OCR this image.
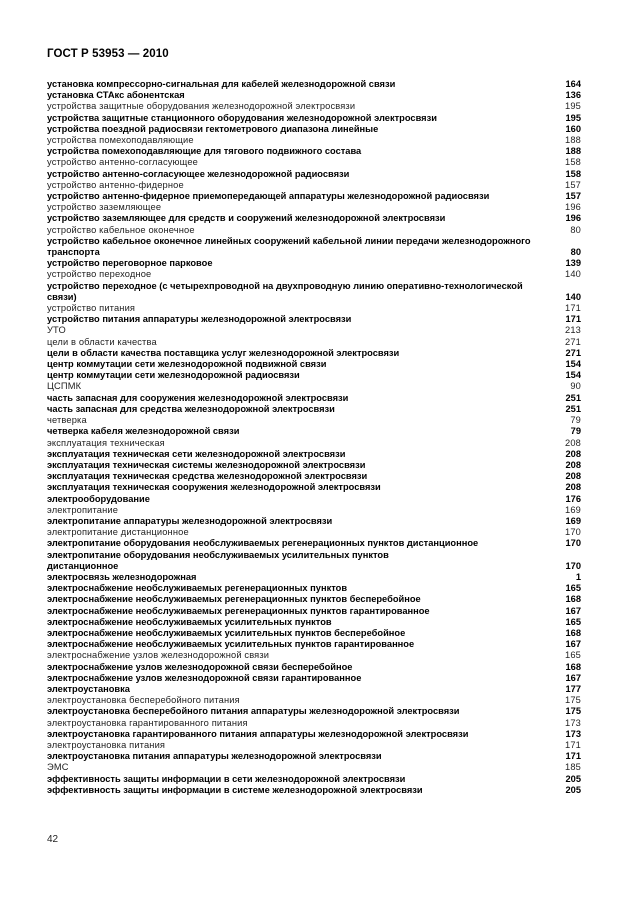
ГОСТ Р 53953 — 2010
установка компрессорно-сигнальная для кабелей железнодорожной связи	164
установка СТАкс абонентская	136
устройства защитные оборудования железнодорожной электросвязи	195
устройства защитные станционного оборудования железнодорожной электросвязи	195
устройства поездной радиосвязи гектометрового диапазона линейные	160
устройства помехоподавляющие	188
устройства помехоподавляющие для тягового подвижного состава	188
устройство антенно-согласующее	158
устройство антенно-согласующее железнодорожной радиосвязи	158
устройство антенно-фидерное	157
устройство антенно-фидерное приемопередающей аппаратуры железнодорожной радиосвязи	157
устройство заземляющее	196
устройство заземляющее для средств и сооружений железнодорожной электросвязи	196
устройство кабельное оконечное	80
устройство кабельное оконечное линейных сооружений кабельной линии передачи железнодорожного транспорта	80
устройство переговорное парковое	139
устройство переходное	140
устройство переходное (с четырехпроводной на двухпроводную линию оперативно-технологической связи)	140
устройство питания	171
устройство питания аппаратуры железнодорожной электросвязи	171
УТО	213
цели в области качества	271
цели в области качества поставщика услуг железнодорожной электросвязи	271
центр коммутации сети железнодорожной подвижной связи	154
центр коммутации сети железнодорожной радиосвязи	154
ЦСПМК	90
часть запасная для сооружения железнодорожной электросвязи	251
часть запасная для средства железнодорожной электросвязи	251
четверка	79
четверка кабеля железнодорожной связи	79
эксплуатация техническая	208
эксплуатация техническая сети железнодорожной электросвязи	208
эксплуатация техническая системы железнодорожной электросвязи	208
эксплуатация техническая средства железнодорожной электросвязи	208
эксплуатация техническая сооружения железнодорожной электросвязи	208
электрооборудование	176
электропитание	169
электропитание аппаратуры железнодорожной электросвязи	169
электропитание дистанционное	170
электропитание оборудования необслуживаемых регенерационных пунктов дистанционное	170
электропитание оборудования необслуживаемых усилительных пунктов
дистанционное	170
электросвязь железнодорожная	1
электроснабжение необслуживаемых регенерационных пунктов	165
электроснабжение необслуживаемых регенерационных пунктов бесперебойное	168
электроснабжение необслуживаемых регенерационных пунктов гарантированное	167
электроснабжение необслуживаемых усилительных пунктов	165
электроснабжение необслуживаемых усилительных пунктов бесперебойное	168
электроснабжение необслуживаемых усилительных пунктов гарантированное	167
электроснабжение узлов железнодорожной связи	165
электроснабжение узлов железнодорожной связи бесперебойное	168
электроснабжение узлов железнодорожной связи гарантированное	167
электроустановка	177
электроустановка бесперебойного питания	175
электроустановка бесперебойного питания аппаратуры железнодорожной электросвязи	175
электроустановка гарантированного питания	173
электроустановка гарантированного питания аппаратуры железнодорожной электросвязи	173
электроустановка питания	171
электроустановка питания аппаратуры железнодорожной электросвязи	171
ЭМС	185
эффективность защиты информации в сети железнодорожной электросвязи	205
эффективность защиты информации в системе железнодорожной электросвязи	205
42
